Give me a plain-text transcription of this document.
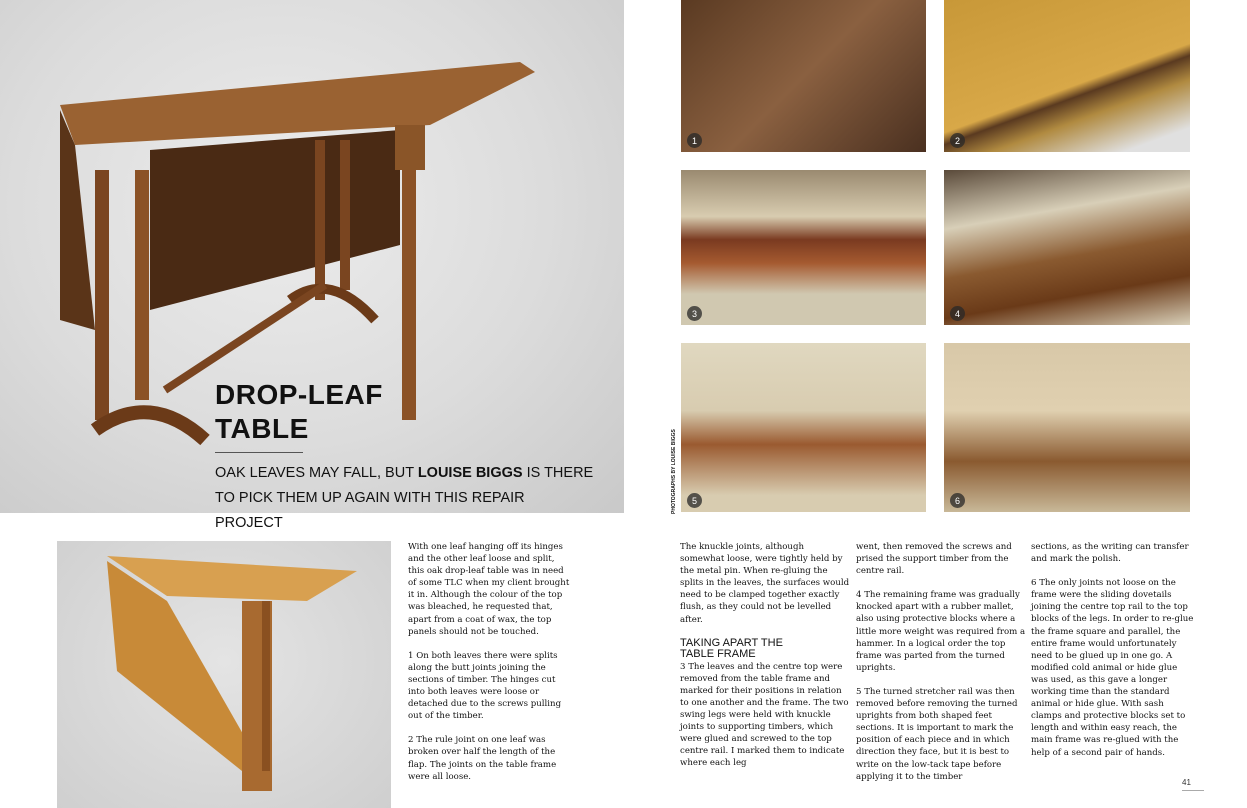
DROP-LEAF
TABLE
OAK LEAVES MAY FALL, BUT LOUISE BIGGS IS THERE TO PICK THEM UP AGAIN WITH THIS REPAIR PROJECT
1	2
3	4
5	6
PHOTOGRAPHS BY LOUISE BIGGS

With one leaf hanging off its hinges and the other leaf loose and split, this oak drop-leaf table was in need of some TLC when my client brought it in. Although the colour of the top was bleached, he requested that, apart from a coat of wax, the top panels should not be touched.

1 On both leaves there were splits along the butt joints joining the sections of timber. The hinges cut into both leaves were loose or detached due to the screws pulling out of the timber.

2 The rule joint on one leaf was broken over half the length of the flap. The joints on the table frame were all loose.

The knuckle joints, although somewhat loose, were tightly held by the metal pin. When re-gluing the splits in the leaves, the surfaces would need to be clamped together exactly flush, as they could not be levelled after.

TAKING APART THE TABLE FRAME

3 The leaves and the centre top were removed from the table frame and marked for their positions in relation to one another and the frame. The two swing legs were held with knuckle joints to supporting timbers, which were glued and screwed to the top centre rail. I marked them to indicate where each leg

went, then removed the screws and prised the support timber from the centre rail.

4 The remaining frame was gradually knocked apart with a rubber mallet, also using protective blocks where a little more weight was required from a hammer. In a logical order the top frame was parted from the turned uprights.

5 The turned stretcher rail was then removed before removing the turned uprights from both shaped feet sections. It is important to mark the position of each piece and in which direction they face, but it is best to write on the low-tack tape before applying it to the timber

sections, as the writing can transfer and mark the polish.

6 The only joints not loose on the frame were the sliding dovetails joining the centre top rail to the top blocks of the legs. In order to re-glue the frame square and parallel, the entire frame would unfortunately need to be glued up in one go. A modified cold animal or hide glue was used, as this gave a longer working time than the standard animal or hide glue. With sash clamps and protective blocks set to length and within easy reach, the main frame was re-glued with the help of a second pair of hands.

41
